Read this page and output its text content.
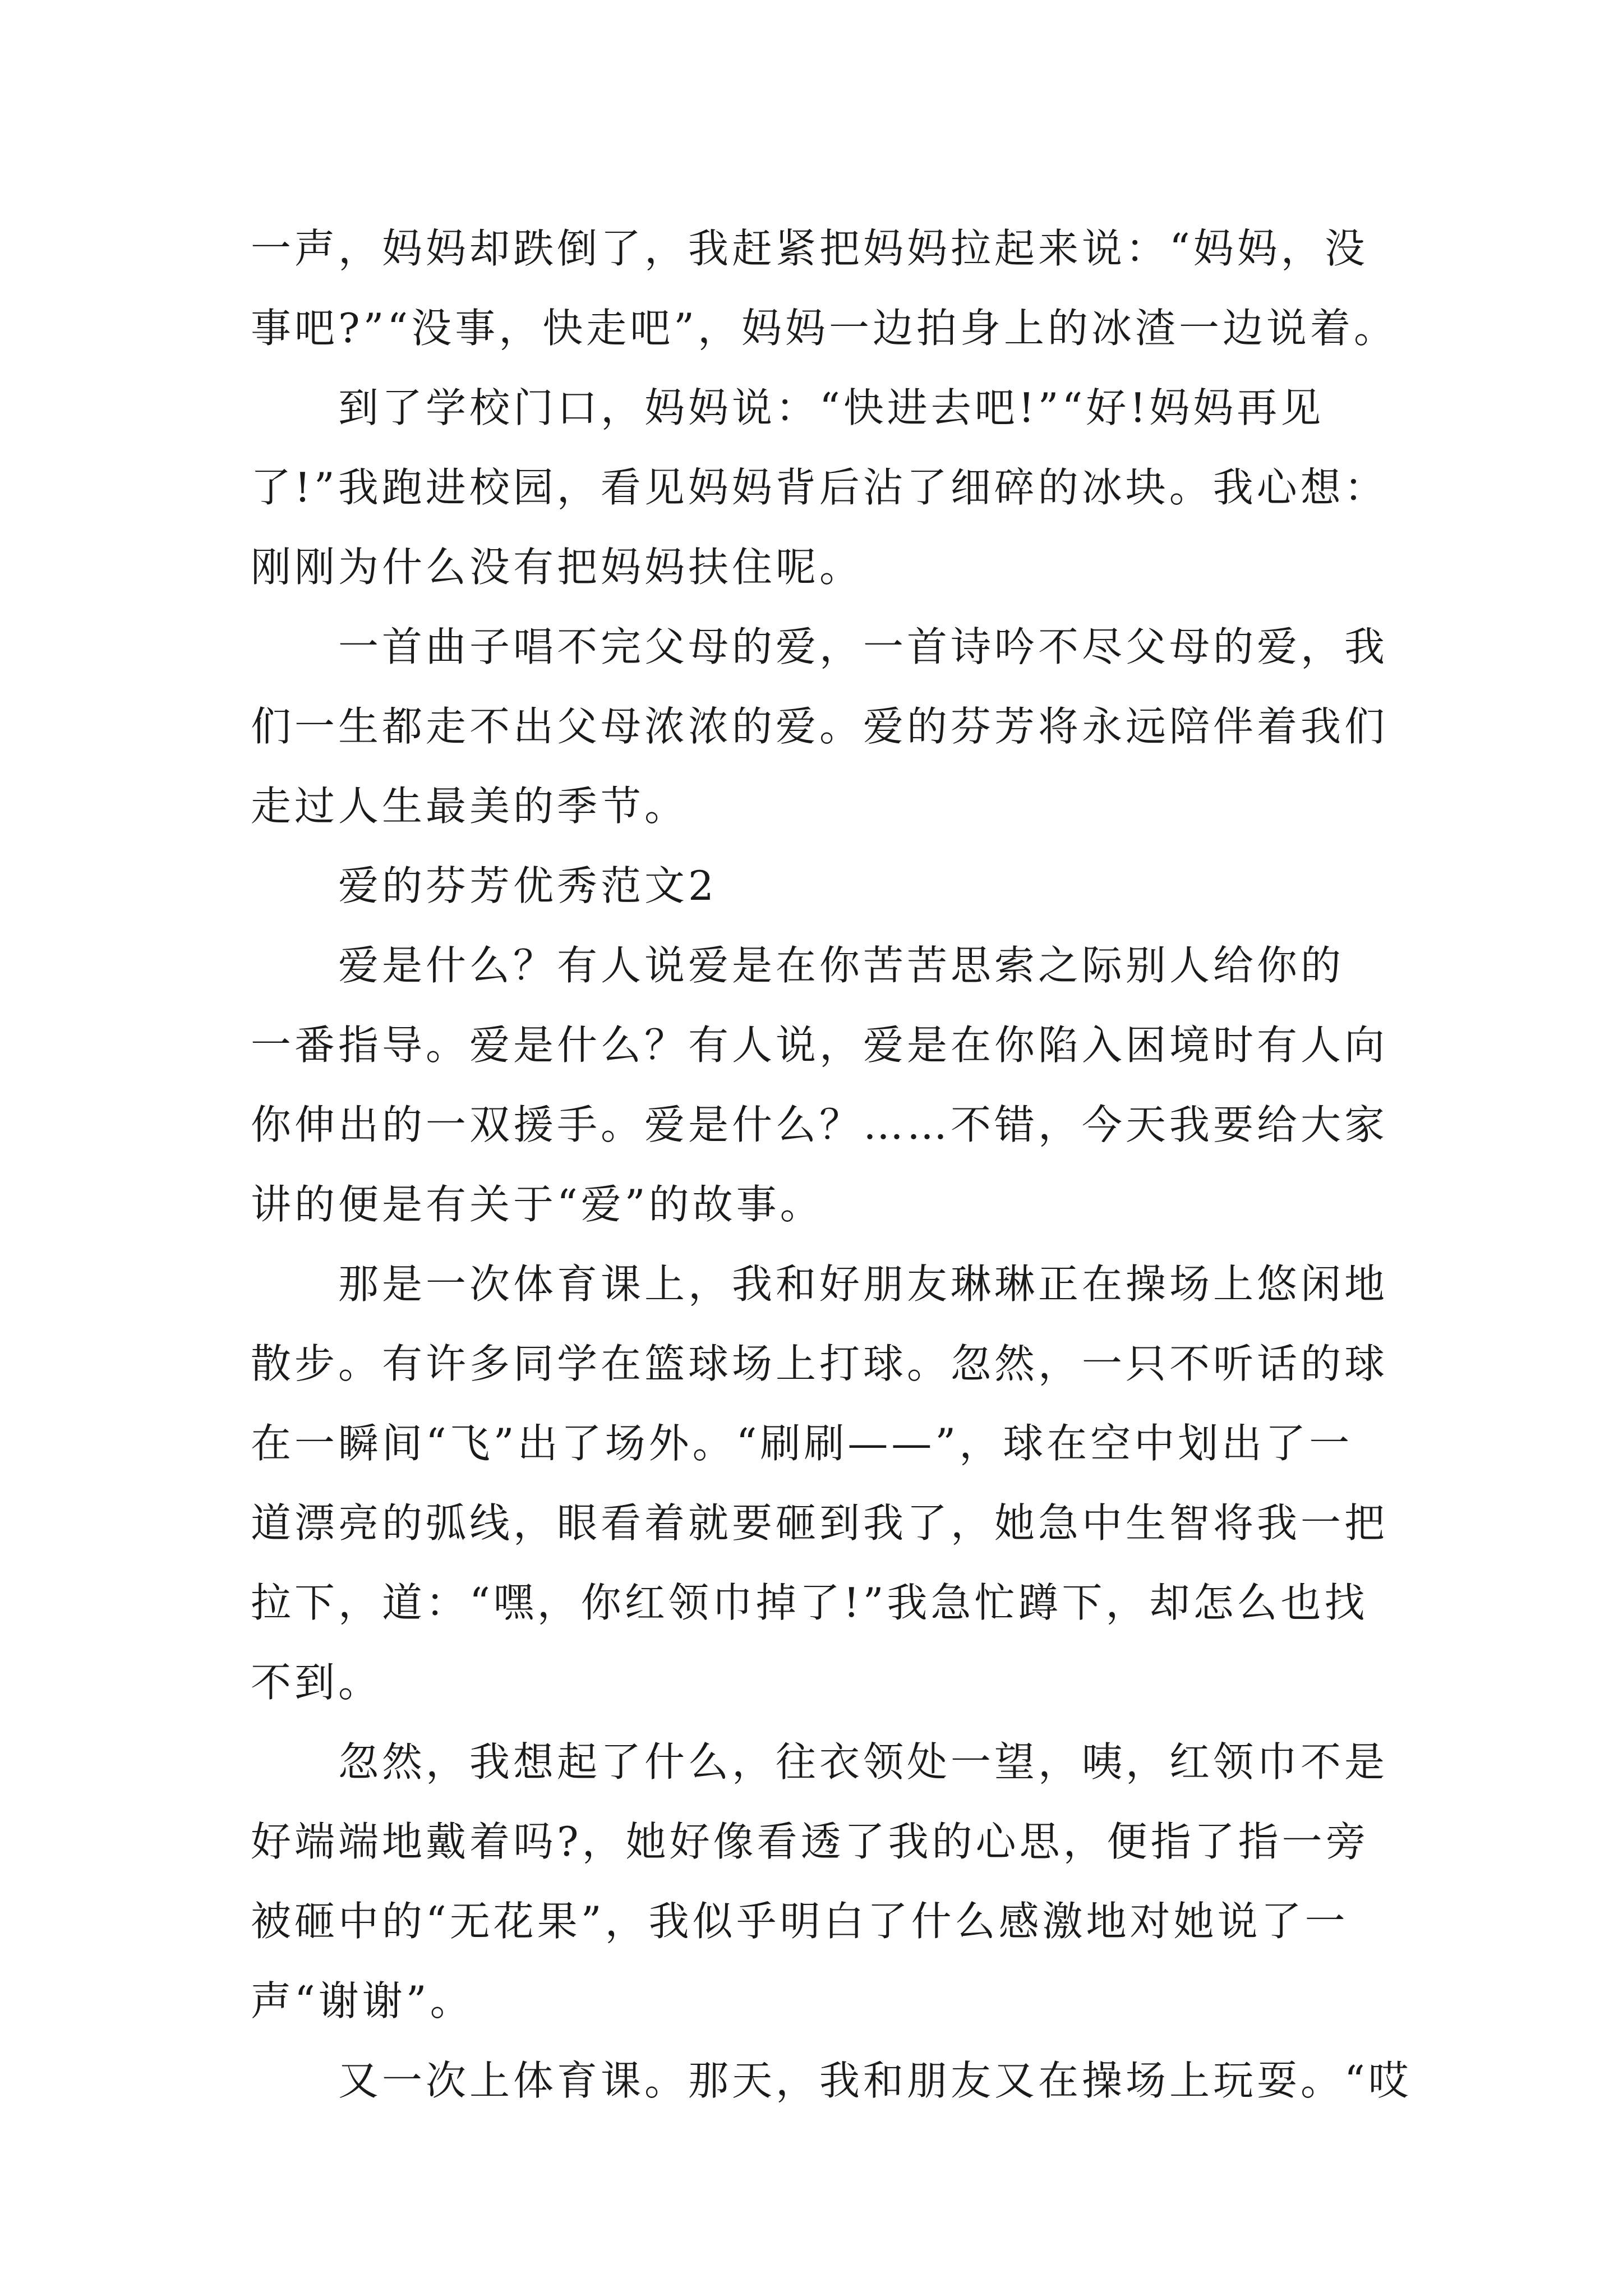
一声，妈妈却跌倒了，我赶紧把妈妈拉起来说：“妈妈，没
事吧?”“没事，快走吧”，妈妈一边拍身上的冰渣一边说着。
　　到了学校门口，妈妈说：“快进去吧!”“好!妈妈再见
了!”我跑进校园，看见妈妈背后沾了细碎的冰块。我心想：
刚刚为什么没有把妈妈扶住呢。
　　一首曲子唱不完父母的爱，一首诗吟不尽父母的爱，我
们一生都走不出父母浓浓的爱。爱的芬芳将永远陪伴着我们
走过人生最美的季节。
　　爱的芬芳优秀范文2
　　爱是什么？有人说爱是在你苦苦思索之际别人给你的
一番指导。爱是什么？有人说，爱是在你陷入困境时有人向
你伸出的一双援手。爱是什么？……不错，今天我要给大家
讲的便是有关于“爱”的故事。
　　那是一次体育课上，我和好朋友琳琳正在操场上悠闲地
散步。有许多同学在篮球场上打球。忽然，一只不听话的球
在一瞬间“飞”出了场外。“刷刷——”，球在空中划出了一
道漂亮的弧线，眼看着就要砸到我了，她急中生智将我一把
拉下，道：“嘿，你红领巾掉了!”我急忙蹲下，却怎么也找
不到。
　　忽然，我想起了什么，往衣领处一望，咦，红领巾不是
好端端地戴着吗?，她好像看透了我的心思，便指了指一旁
被砸中的“无花果”，我似乎明白了什么感激地对她说了一
声“谢谢”。
　　又一次上体育课。那天，我和朋友又在操场上玩耍。“哎
